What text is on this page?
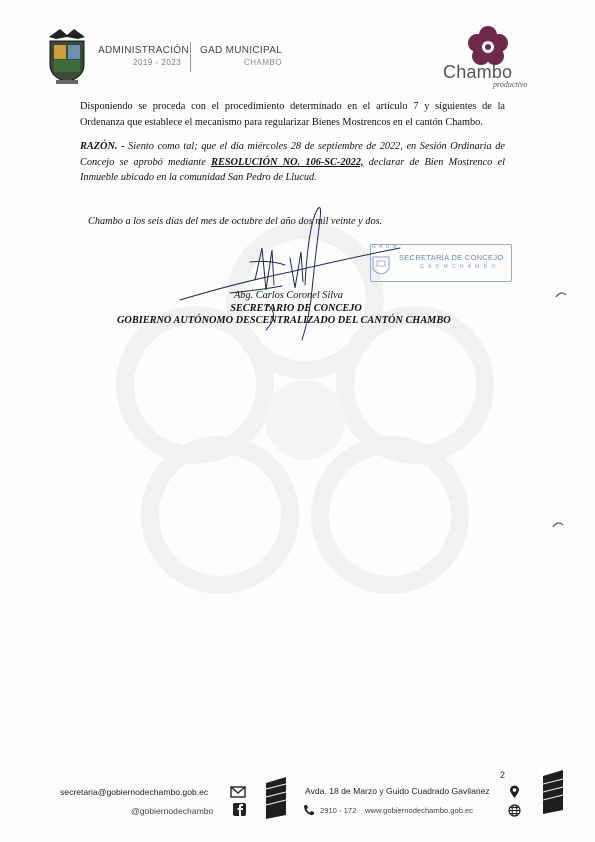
ADMINISTRACIÓN
2019 - 2023
GAD MUNICIPAL
CHAMBO	Chambo
productivo
Disponiendo se proceda con el procedimiento determinado en el artículo 7 y siguientes de la Ordenanza que establece el mecanismo para regularizar Bienes Mostrencos en el cantón Chambo.
RAZÓN. - Siento como tal; que el día miércoles 28 de septiembre de 2022, en Sesión Ordinaria de Concejo se aprobó mediante RESOLUCIÓN NO. 106-SC-2022, declarar de Bien Mostrenco el Inmueble ubicado en la comunidad San Pedro de Llucud.
Chambo a los seis días del mes de octubre del año dos mil veinte y dos.
G A D M
SECRETARÍA DE CONCEJO
G A D M C H A M B O
Abg. Carlos Coronel Silva
SECRETARIO DE CONCEJO
GOBIERNO AUTÓNOMO DESCENTRALIZADO DEL CANTÓN CHAMBO
2
secretaria@gobiernodechambo.gob.ec
@gobiernodechambo
Avda. 18 de Marzo y Guido Cuadrado Gavilanez
2910 - 172 www.gobiernodechambo.gob.ec
